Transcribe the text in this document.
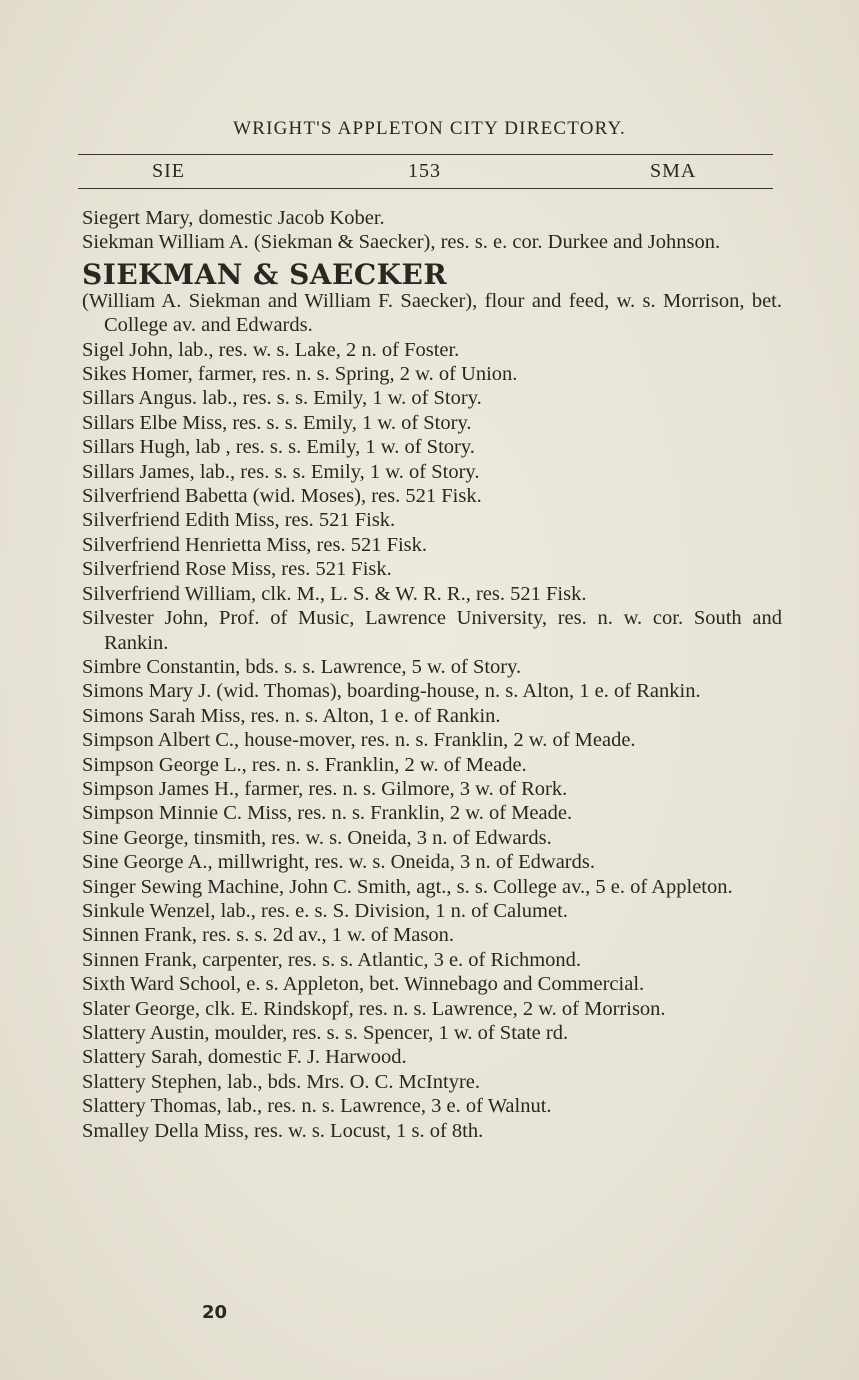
WRIGHT'S APPLETON CITY DIRECTORY.
SIE	153	SMA
Siegert Mary, domestic Jacob Kober.
Siekman William A. (Siekman & Saecker), res. s. e. cor. Durkee and Johnson.
SIEKMAN & SAECKER
(William A. Siekman and William F. Saecker), flour and feed, w. s. Morrison, bet. College av. and Edwards.
Sigel John, lab., res. w. s. Lake, 2 n. of Foster.
Sikes Homer, farmer, res. n. s. Spring, 2 w. of Union.
Sillars Angus. lab., res. s. s. Emily, 1 w. of Story.
Sillars Elbe Miss, res. s. s. Emily, 1 w. of Story.
Sillars Hugh, lab , res. s. s. Emily, 1 w. of Story.
Sillars James, lab., res. s. s. Emily, 1 w. of Story.
Silverfriend Babetta (wid. Moses), res. 521 Fisk.
Silverfriend Edith Miss, res. 521 Fisk.
Silverfriend Henrietta Miss, res. 521 Fisk.
Silverfriend Rose Miss, res. 521 Fisk.
Silverfriend William, clk. M., L. S. & W. R. R., res. 521 Fisk.
Silvester John, Prof. of Music, Lawrence University, res. n. w. cor. South and Rankin.
Simbre Constantin, bds. s. s. Lawrence, 5 w. of Story.
Simons Mary J. (wid. Thomas), boarding-house, n. s. Alton, 1 e. of Rankin.
Simons Sarah Miss, res. n. s. Alton, 1 e. of Rankin.
Simpson Albert C., house-mover, res. n. s. Franklin, 2 w. of Meade.
Simpson George L., res. n. s. Franklin, 2 w. of Meade.
Simpson James H., farmer, res. n. s. Gilmore, 3 w. of Rork.
Simpson Minnie C. Miss, res. n. s. Franklin, 2 w. of Meade.
Sine George, tinsmith, res. w. s. Oneida, 3 n. of Edwards.
Sine George A., millwright, res. w. s. Oneida, 3 n. of Edwards.
Singer Sewing Machine, John C. Smith, agt., s. s. College av., 5 e. of Appleton.
Sinkule Wenzel, lab., res. e. s. S. Division, 1 n. of Calumet.
Sinnen Frank, res. s. s. 2d av., 1 w. of Mason.
Sinnen Frank, carpenter, res. s. s. Atlantic, 3 e. of Richmond.
Sixth Ward School, e. s. Appleton, bet. Winnebago and Commercial.
Slater George, clk. E. Rindskopf, res. n. s. Lawrence, 2 w. of Morrison.
Slattery Austin, moulder, res. s. s. Spencer, 1 w. of State rd.
Slattery Sarah, domestic F. J. Harwood.
Slattery Stephen, lab., bds. Mrs. O. C. McIntyre.
Slattery Thomas, lab., res. n. s. Lawrence, 3 e. of Walnut.
Smalley Della Miss, res. w. s. Locust, 1 s. of 8th.
20
